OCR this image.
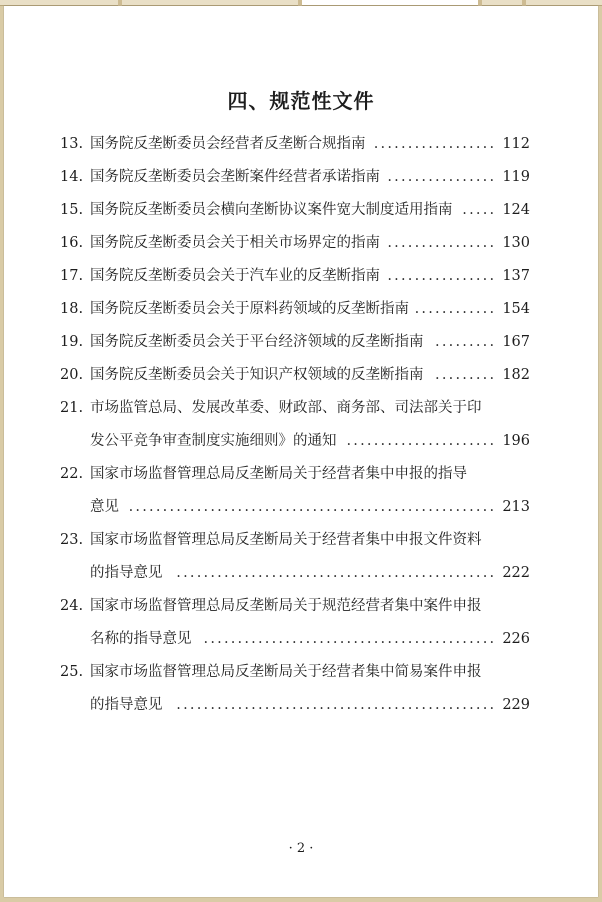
四、规范性文件
13. 国务院反垄断委员会经营者反垄断合规指南 .................. 112
14. 国务院反垄断委员会垄断案件经营者承诺指南 ................ 119
15. 国务院反垄断委员会横向垄断协议案件宽大制度适用指南 ..... 124
16. 国务院反垄断委员会关于相关市场界定的指南 ................ 130
17. 国务院反垄断委员会关于汽车业的反垄断指南 ................ 137
18. 国务院反垄断委员会关于原料药领域的反垄断指南 ............ 154
19. 国务院反垄断委员会关于平台经济领域的反垄断指南 ......... 167
20. 国务院反垄断委员会关于知识产权领域的反垄断指南 ......... 182
21. 市场监管总局、发展改革委、财政部、商务部、司法部关于印
发公平竞争审查制度实施细则》的通知 ...................... 196
22. 国家市场监督管理总局反垄断局关于经营者集中申报的指导
意见 ...................................................... 213
23. 国家市场监督管理总局反垄断局关于经营者集中申报文件资料
的指导意见 ............................................... 222
24. 国家市场监督管理总局反垄断局关于规范经营者集中案件申报
名称的指导意见 ........................................... 226
25. 国家市场监督管理总局反垄断局关于经营者集中简易案件申报
的指导意见 ............................................... 229
· 2 ·
